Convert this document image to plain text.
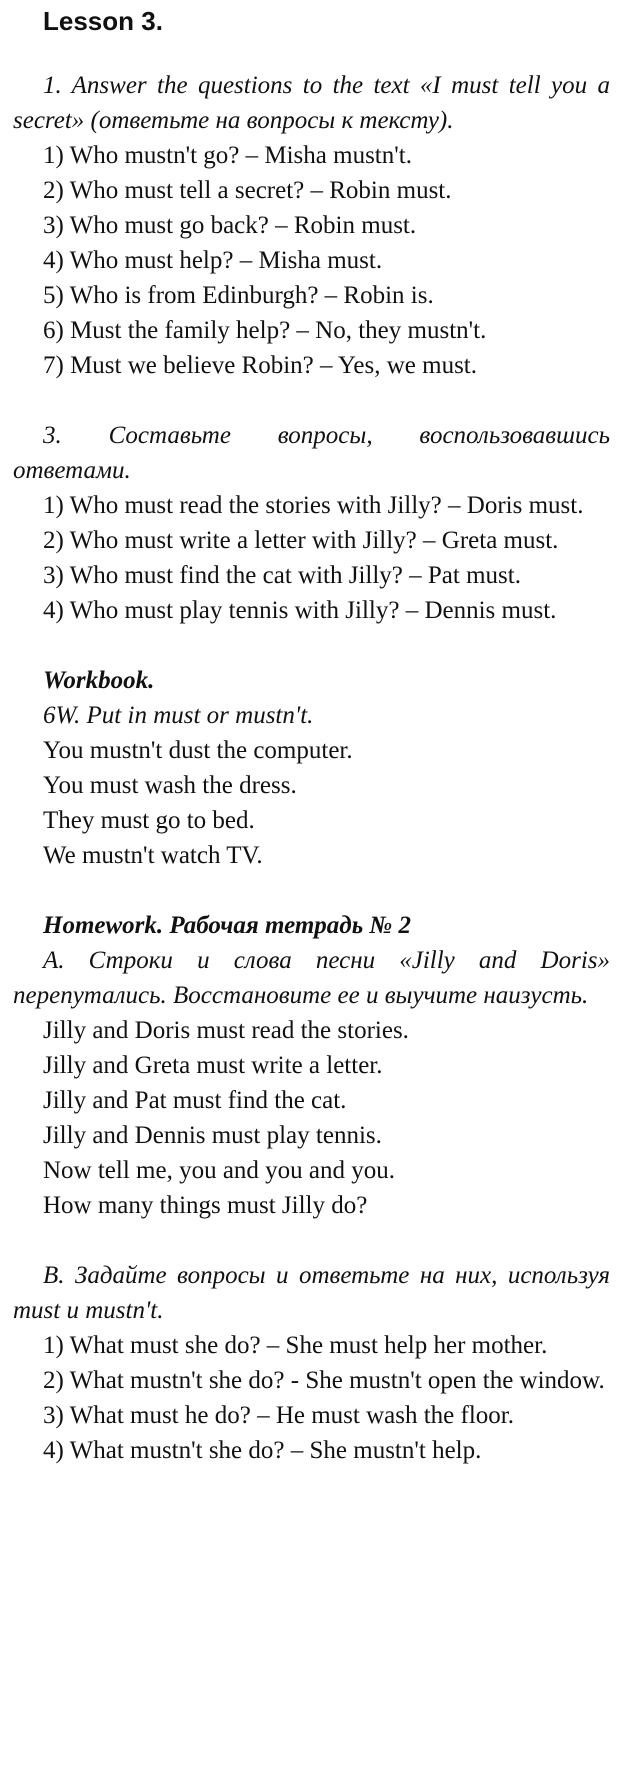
Lesson 3.
1. Answer the questions to the text «I must tell you a secret» (ответьте на вопросы к тексту).
1) Who mustn't go? – Misha mustn't.
2) Who must tell a secret? – Robin must.
3) Who must go back? – Robin must.
4) Who must help? – Misha must.
5) Who is from Edinburgh? – Robin is.
6) Must the family help? – No, they mustn't.
7) Must we believe Robin? – Yes, we must.
3. Составьте вопросы, воспользовавшись ответами.
1) Who must read the stories with Jilly? – Doris must.
2) Who must write a letter with Jilly? – Greta must.
3) Who must find the cat with Jilly? – Pat must.
4) Who must play tennis with Jilly? – Dennis must.
Workbook.
6W. Put in must or mustn't.
You mustn't dust the computer.
You must wash the dress.
They must go to bed.
We mustn't watch TV.
Homework. Рабочая тетрадь № 2
A. Строки и слова песни «Jilly and Doris» перепутались. Восстановите ее и выучите наизусть.
Jilly and Doris must read the stories.
Jilly and Greta must write a letter.
Jilly and Pat must find the cat.
Jilly and Dennis must play tennis.
Now tell me, you and you and you.
How many things must Jilly do?
B. Задайте вопросы и ответьте на них, используя must и mustn't.
1) What must she do? – She must help her mother.
2) What mustn't she do? - She mustn't open the window.
3) What must he do? – He must wash the floor.
4) What mustn't she do? – She mustn't help.
